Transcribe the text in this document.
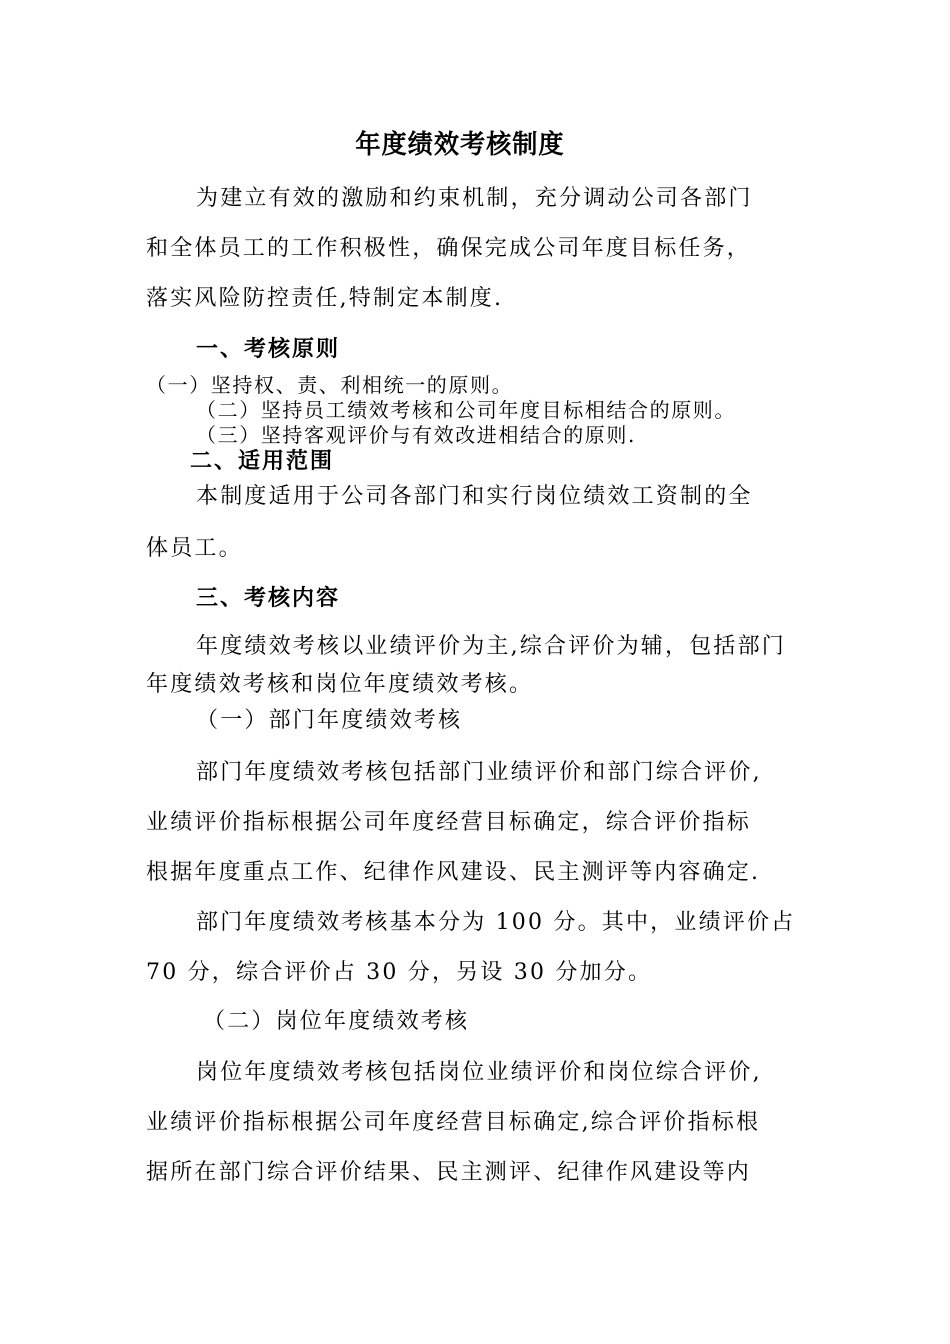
年度绩效考核制度

为建立有效的激励和约束机制，充分调动公司各部门

和全体员工的工作积极性，确保完成公司年度目标任务，

落实风险防控责任,特制定本制度.

一、考核原则

（一）坚持权、责、利相统一的原则。

（二）坚持员工绩效考核和公司年度目标相结合的原则。

（三）坚持客观评价与有效改进相结合的原则.

二、适用范围

本制度适用于公司各部门和实行岗位绩效工资制的全

体员工。

三、考核内容

年度绩效考核以业绩评价为主,综合评价为辅，包括部门

年度绩效考核和岗位年度绩效考核。

（一）部门年度绩效考核

部门年度绩效考核包括部门业绩评价和部门综合评价,

业绩评价指标根据公司年度经营目标确定，综合评价指标

根据年度重点工作、纪律作风建设、民主测评等内容确定.

部门年度绩效考核基本分为 100 分。其中，业绩评价占

70 分，综合评价占 30 分，另设 30 分加分。

（二）岗位年度绩效考核

岗位年度绩效考核包括岗位业绩评价和岗位综合评价,

业绩评价指标根据公司年度经营目标确定,综合评价指标根

据所在部门综合评价结果、民主测评、纪律作风建设等内
